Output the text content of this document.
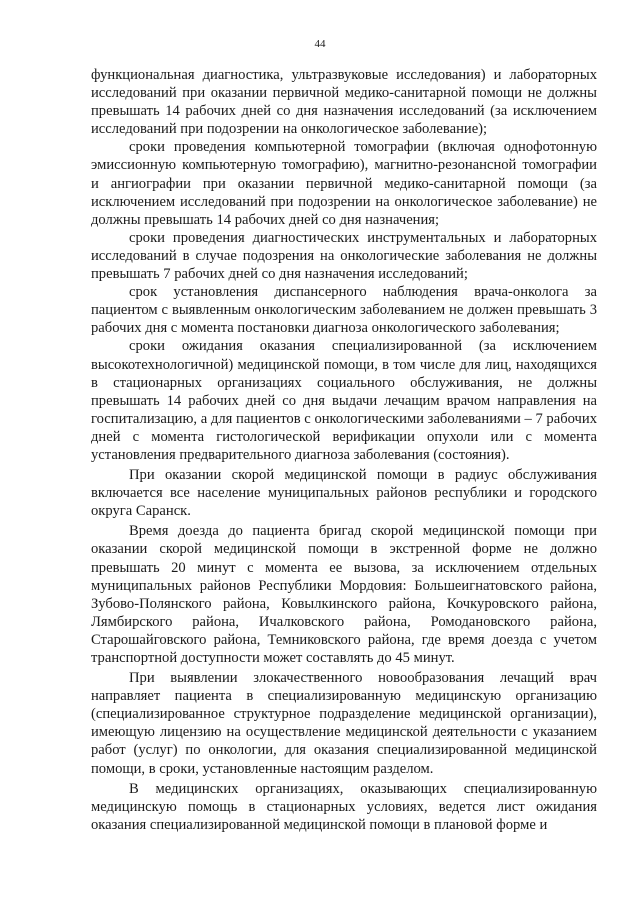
44

функциональная диагностика, ультразвуковые исследования) и лабораторных исследований при оказании первичной медико-санитарной помощи не должны превышать 14 рабочих дней со дня назначения исследований (за исключением исследований при подозрении на онкологическое заболевание);

сроки проведения компьютерной томографии (включая однофотонную эмиссионную компьютерную томографию), магнитно-резонансной томографии и ангиографии при оказании первичной медико-санитарной помощи (за исключением исследований при подозрении на онкологическое заболевание) не должны превышать 14 рабочих дней со дня назначения;

сроки проведения диагностических инструментальных и лабораторных исследований в случае подозрения на онкологические заболевания не должны превышать 7 рабочих дней со дня назначения исследований;

срок установления диспансерного наблюдения врача-онколога за пациентом с выявленным онкологическим заболеванием не должен превышать 3 рабочих дня с момента постановки диагноза онкологического заболевания;

сроки ожидания оказания специализированной (за исключением высокотехнологичной) медицинской помощи, в том числе для лиц, находящихся в стационарных организациях социального обслуживания, не должны превышать 14 рабочих дней со дня выдачи лечащим врачом направления на госпитализацию, а для пациентов с онкологическими заболеваниями – 7 рабочих дней с момента гистологической верификации опухоли или с момента установления предварительного диагноза заболевания (состояния).

При оказании скорой медицинской помощи в радиус обслуживания включается все население муниципальных районов республики и городского округа Саранск.

Время доезда до пациента бригад скорой медицинской помощи при оказании скорой медицинской помощи в экстренной форме не должно превышать 20 минут с момента ее вызова, за исключением отдельных муниципальных районов Республики Мордовия: Большеигнатовского района, Зубово-Полянского района, Ковылкинского района, Кочкуровского района, Лямбирского района, Ичалковского района, Ромодановского района, Старошайговского района, Темниковского района, где время доезда с учетом транспортной доступности может составлять до 45 минут.

При выявлении злокачественного новообразования лечащий врач направляет пациента в специализированную медицинскую организацию (специализированное структурное подразделение медицинской организации), имеющую лицензию на осуществление медицинской деятельности с указанием работ (услуг) по онкологии, для оказания специализированной медицинской помощи, в сроки, установленные настоящим разделом.

В медицинских организациях, оказывающих специализированную медицинскую помощь в стационарных условиях, ведется лист ожидания оказания специализированной медицинской помощи в плановой форме и
